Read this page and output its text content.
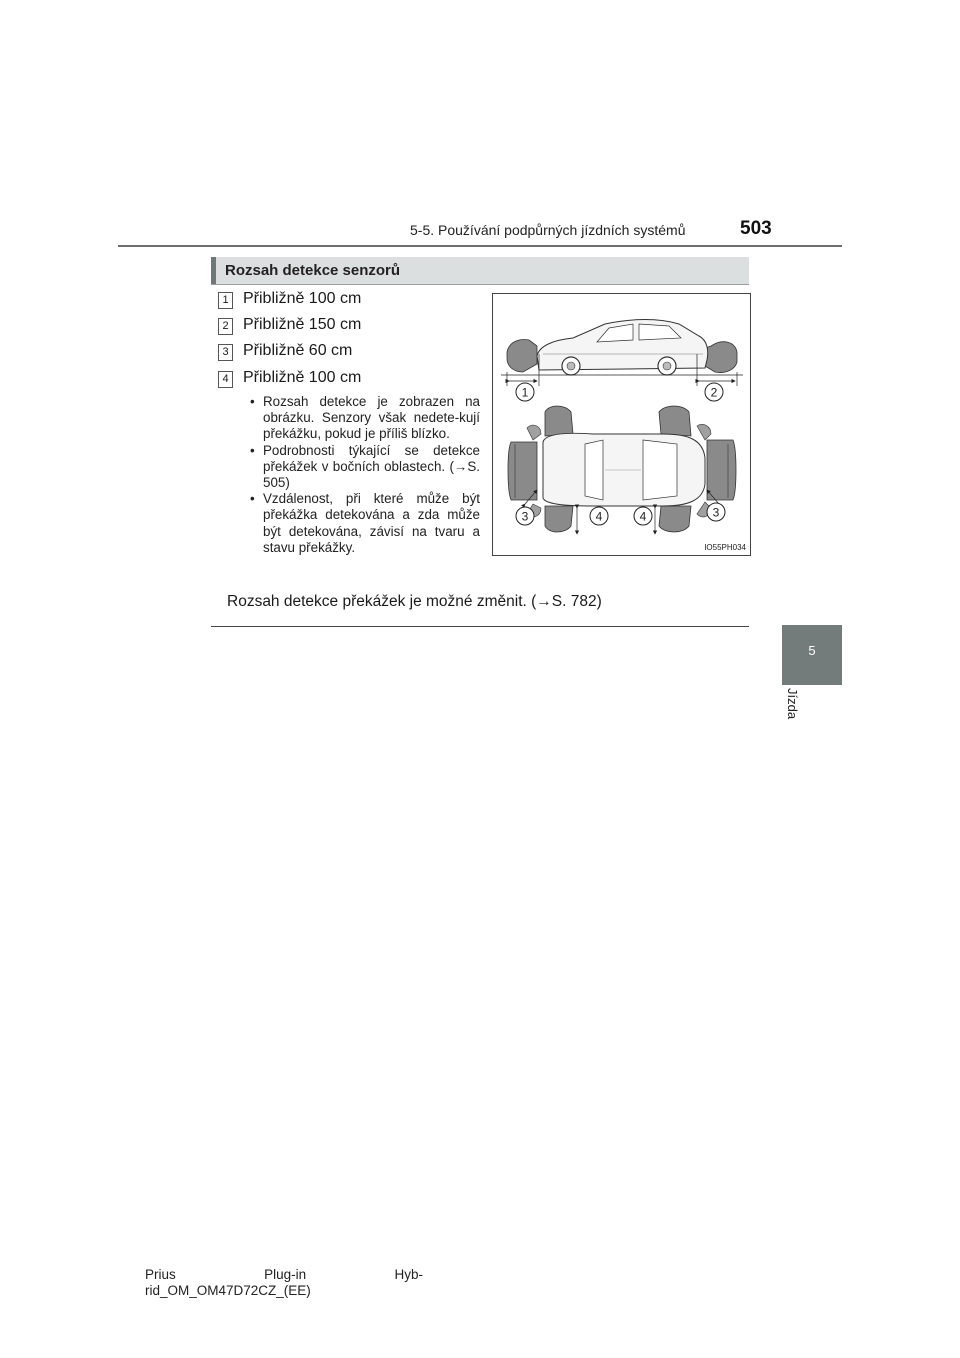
5-5. Používání podpůrných jízdních systémů	503
5
Jízda
Rozsah detekce senzorů
1 Přibližně 100 cm
2 Přibližně 150 cm
3 Přibližně 60 cm
4 Přibližně 100 cm
• Rozsah detekce je zobrazen na obrázku. Senzory však nedete-kují překážku, pokud je příliš blízko.
• Podrobnosti týkající se detekce překážek v bočních oblastech. (→S. 505)
• Vzdálenost, při které může být překážka detekována a zda může být detekována, závisí na tvaru a stavu překážky.
Rozsah detekce překážek je možné změnit. (→S. 782)
1	2
3	4	4	3
IO55PH034
Prius	Plug-in	Hyb-
rid_OM_OM47D72CZ_(EE)
